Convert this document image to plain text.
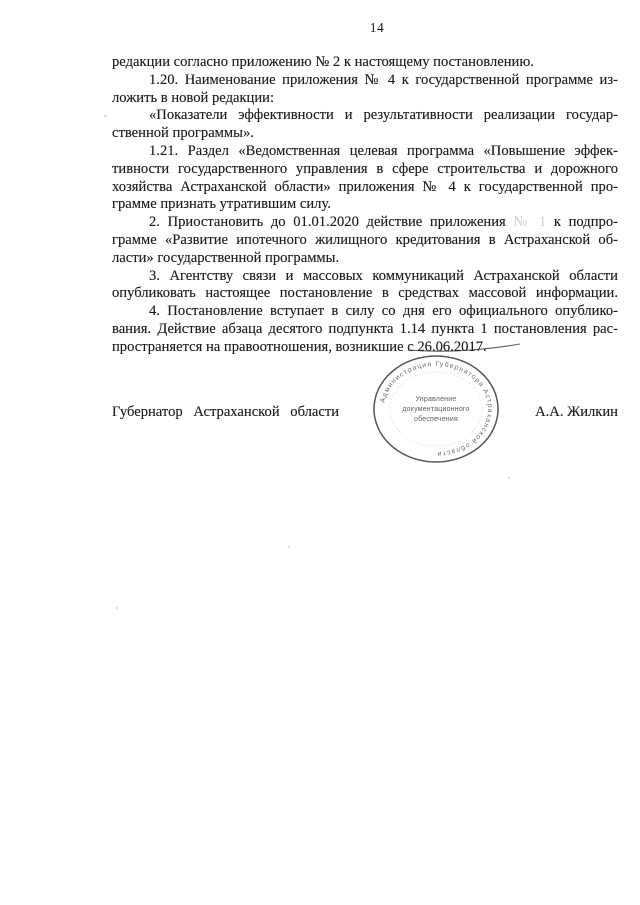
14
редакции согласно приложению № 2 к настоящему постановлению.
1.20. Наименование приложения № 4 к государственной программе из-
ложить в новой редакции:
«Показатели эффективности и результативности реализации государ-
ственной программы».
1.21. Раздел «Ведомственная целевая программа «Повышение эффек-
тивности государственного управления в сфере строительства и дорожного
хозяйства Астраханской области» приложения № 4 к государственной про-
грамме признать утратившим силу.
2. Приостановить до 01.01.2020 действие приложения № 1 к подпро-
грамме «Развитие ипотечного жилищного кредитования в Астраханской об-
ласти» государственной программы.
3. Агентству связи и массовых коммуникаций Астраханской области
опубликовать настоящее постановление в средствах массовой информации.
4. Постановление вступает в силу со дня его официального опублико-
вания. Действие абзаца десятого подпункта 1.14 пункта 1 постановления рас-
пространяется на правоотношения, возникшие с 26.06.2017.
Губернатор Астраханской области	А.А. Жилкин
Администрация Губернатора Астраханской области
Управление
документационного
обеспечения
